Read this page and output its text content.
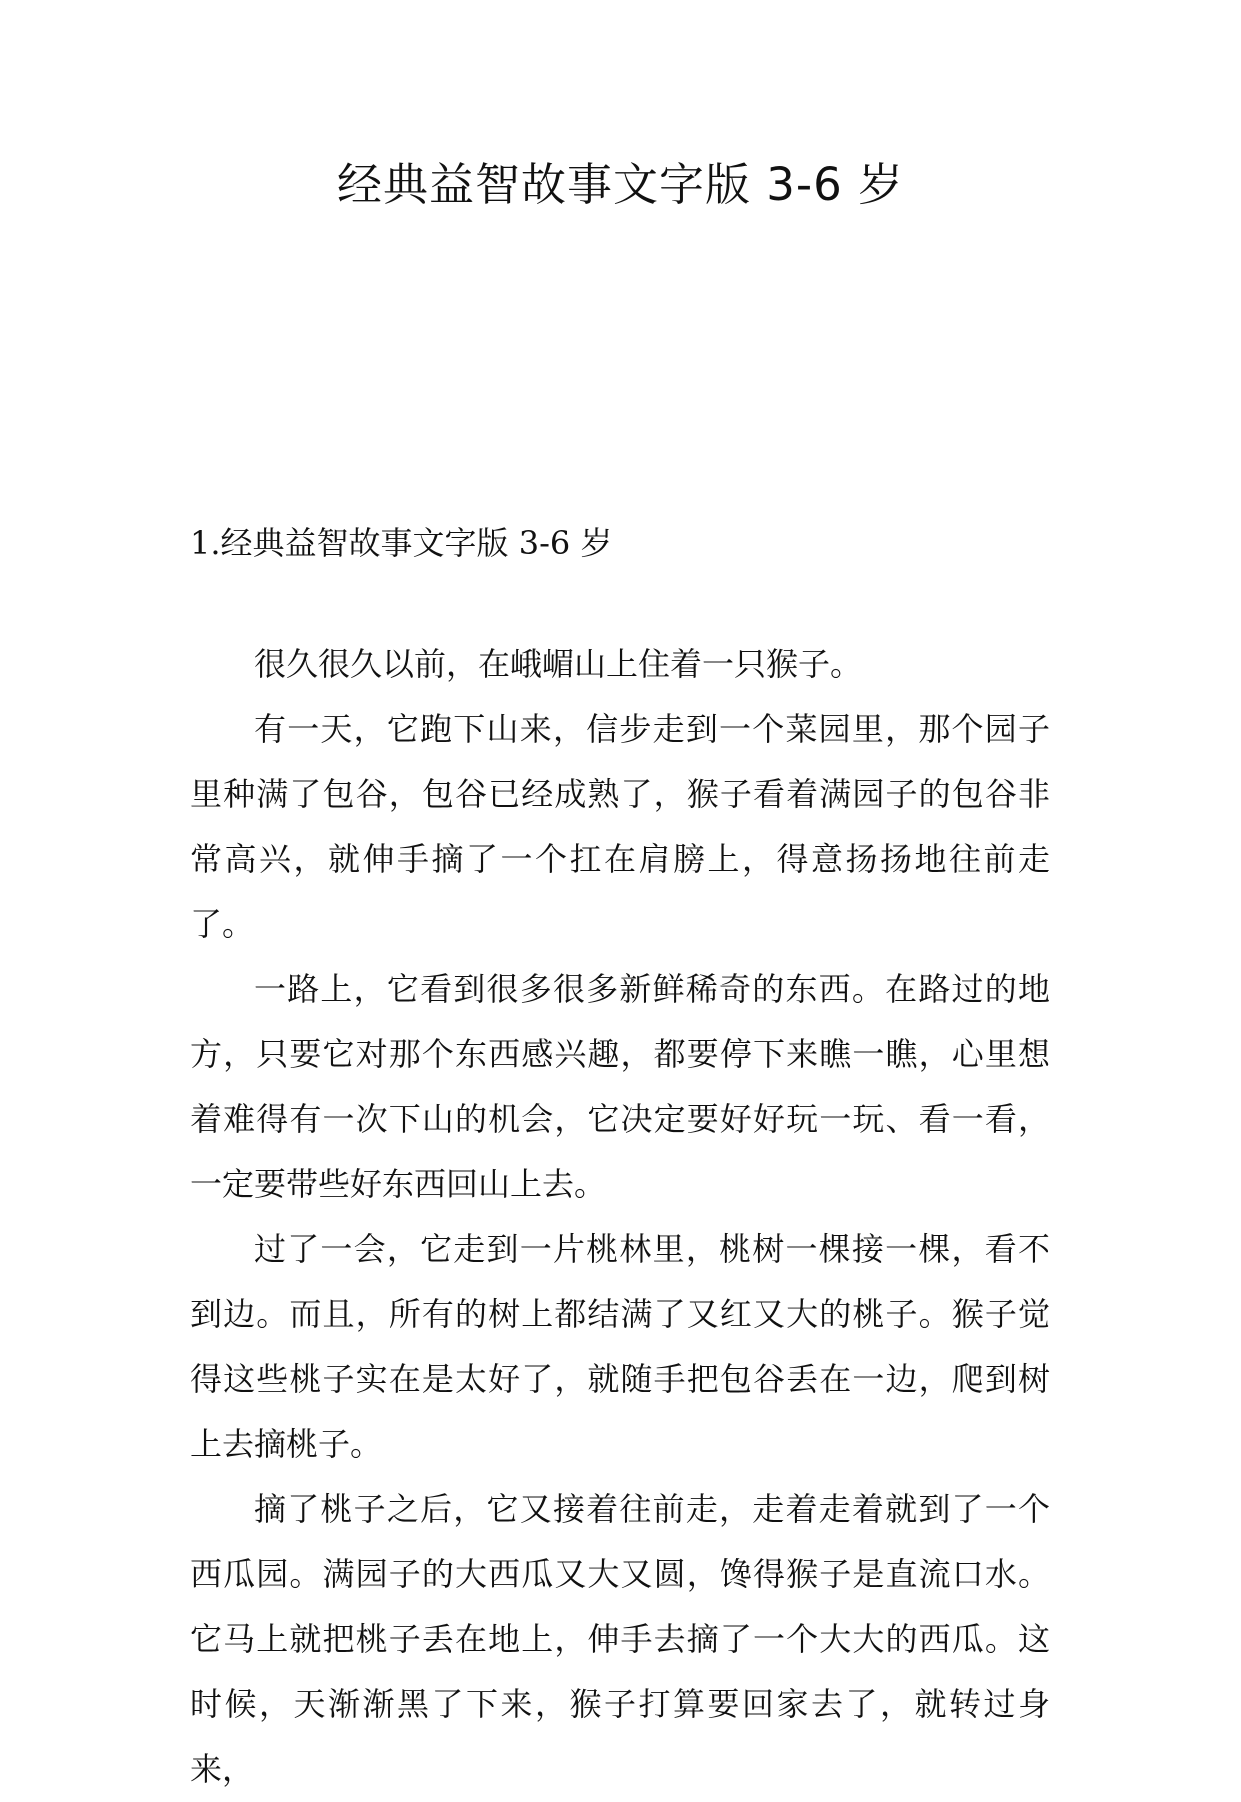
经典益智故事文字版 3-6 岁
1.经典益智故事文字版 3-6 岁

很久很久以前，在峨嵋山上住着一只猴子。

有一天，它跑下山来，信步走到一个菜园里，那个园子里种满了包谷，包谷已经成熟了，猴子看着满园子的包谷非常高兴，就伸手摘了一个扛在肩膀上，得意扬扬地往前走了。

一路上，它看到很多很多新鲜稀奇的东西。在路过的地方，只要它对那个东西感兴趣，都要停下来瞧一瞧，心里想着难得有一次下山的机会，它决定要好好玩一玩、看一看，一定要带些好东西回山上去。

过了一会，它走到一片桃林里，桃树一棵接一棵，看不到边。而且，所有的树上都结满了又红又大的桃子。猴子觉得这些桃子实在是太好了，就随手把包谷丢在一边，爬到树上去摘桃子。

摘了桃子之后，它又接着往前走，走着走着就到了一个西瓜园。满园子的大西瓜又大又圆，馋得猴子是直流口水。它马上就把桃子丢在地上，伸手去摘了一个大大的西瓜。这时候，天渐渐黑了下来，猴子打算要回家去了，就转过身来，
